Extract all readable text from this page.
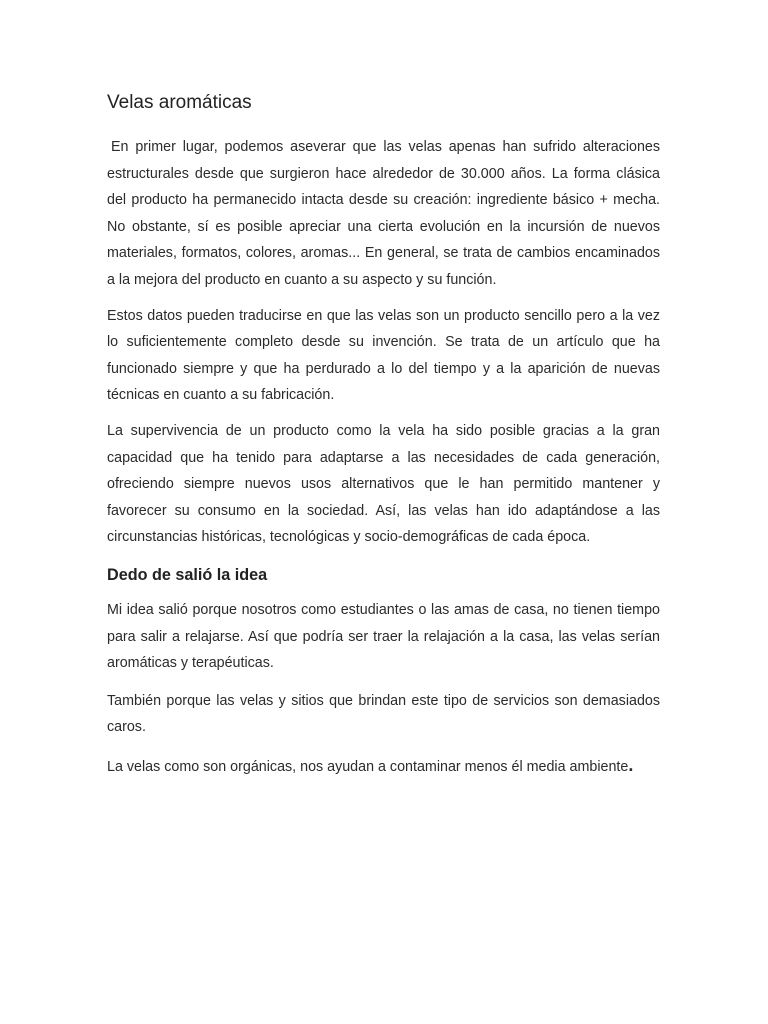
Velas aromáticas

En primer lugar, podemos aseverar que las velas apenas han sufrido alteraciones estructurales desde que surgieron hace alrededor de 30.000 años. La forma clásica del producto ha permanecido intacta desde su creación: ingrediente básico + mecha. No obstante, sí es posible apreciar una cierta evolución en la incursión de nuevos materiales, formatos, colores, aromas... En general, se trata de cambios encaminados a la mejora del producto en cuanto a su aspecto y su función.

Estos datos pueden traducirse en que las velas son un producto sencillo pero a la vez lo suficientemente completo desde su invención. Se trata de un artículo que ha funcionado siempre y que ha perdurado a lo del tiempo y a la aparición de nuevas técnicas en cuanto a su fabricación.

La supervivencia de un producto como la vela ha sido posible gracias a la gran capacidad que ha tenido para adaptarse a las necesidades de cada generación, ofreciendo siempre nuevos usos alternativos que le han permitido mantener y favorecer su consumo en la sociedad. Así, las velas han ido adaptándose a las circunstancias históricas, tecnológicas y socio-demográficas de cada época.

Dedo de salió la idea

Mi idea salió porque nosotros como estudiantes o las amas de casa, no tienen tiempo para salir a relajarse. Así que podría ser traer la relajación a la casa, las velas serían aromáticas y terapéuticas.

También porque las velas y sitios que brindan este tipo de servicios son demasiados caros.

La velas como son orgánicas, nos ayudan a contaminar menos él media ambiente.
